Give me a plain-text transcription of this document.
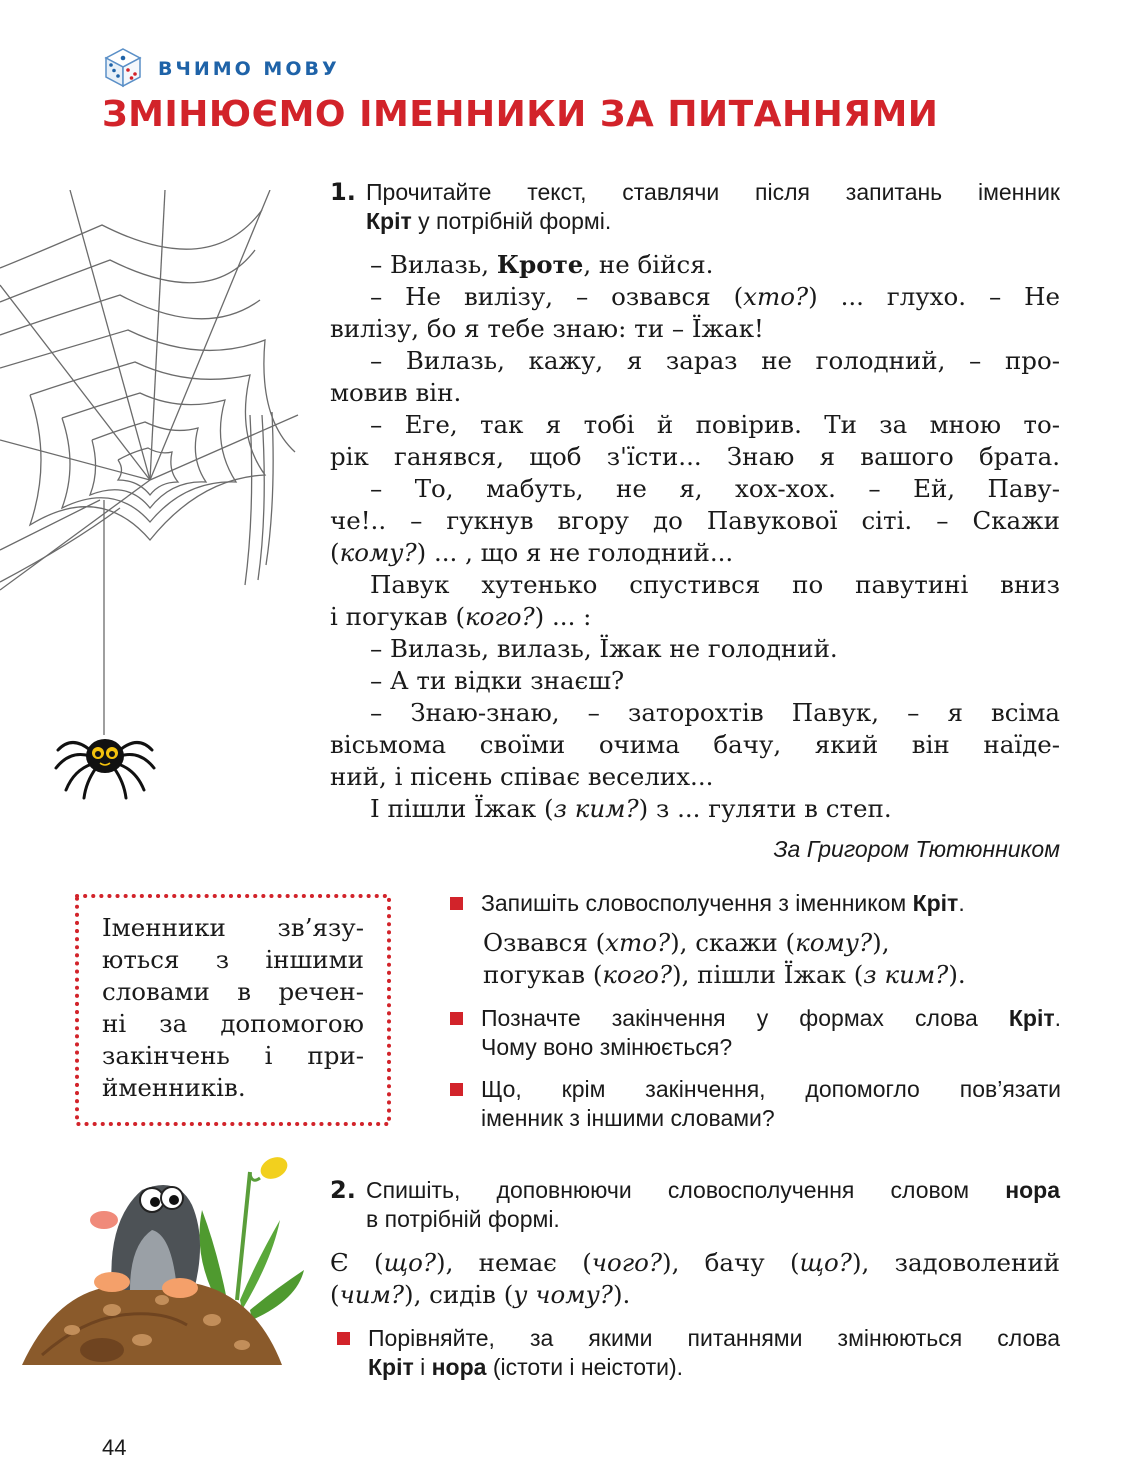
ВЧИМО МОВУ
ЗМІНЮЄМО ІМЕННИКИ ЗА ПИТАННЯМИ
1. Прочитайте текст, ставлячи після запитань іменник
Кріт у потрібній формі.
– Вилазь, Кроте, не бійся.
– Не вилізу, – озвався (хто?) ... глухо. – Не
вилізу, бо я тебе знаю: ти – Їжак!
– Вилазь, кажу, я зараз не голодний, – про-
мовив він.
– Еге, так я тобі й повірив. Ти за мною то-
рік ганявся, щоб з'їсти... Знаю я вашого брата.
– То, мабуть, не я, хох-хох. – Ей, Паву-
че!.. – гукнув вгору до Павукової сіті. – Скажи
(кому?) ... , що я не голодний...
Павук хутенько спустився по павутині вниз
і погукав (кого?) ... :
– Вилазь, вилазь, Їжак не голодний.
– А ти відки знаєш?
– Знаю-знаю, – заторохтів Павук, – я всіма
вісьмома своїми очима бачу, який він наїде-
ний, і пісень співає веселих...
І пішли Їжак (з ким?) з ... гуляти в степ.
За Григором Тютюнником
Іменники зв’язу-
ються з іншими
словами в речен-
ні за допомогою
закінчень і при-
йменників.
Запишіть словосполучення з іменником Кріт.
Озвався (хто?), скажи (кому?),
погукав (кого?), пішли Їжак (з ким?).
Позначте закінчення у формах слова Кріт.
Чому воно змінюється?
Що, крім закінчення, допомогло пов’язати
іменник з іншими словами?
2. Спишіть, доповнюючи словосполучення словом нора
в потрібній формі.
Є (що?), немає (чого?), бачу (що?), задоволений
(чим?), сидів (у чому?).
Порівняйте, за якими питаннями змінюються слова
Кріт і нора (істоти і неістоти).
44
